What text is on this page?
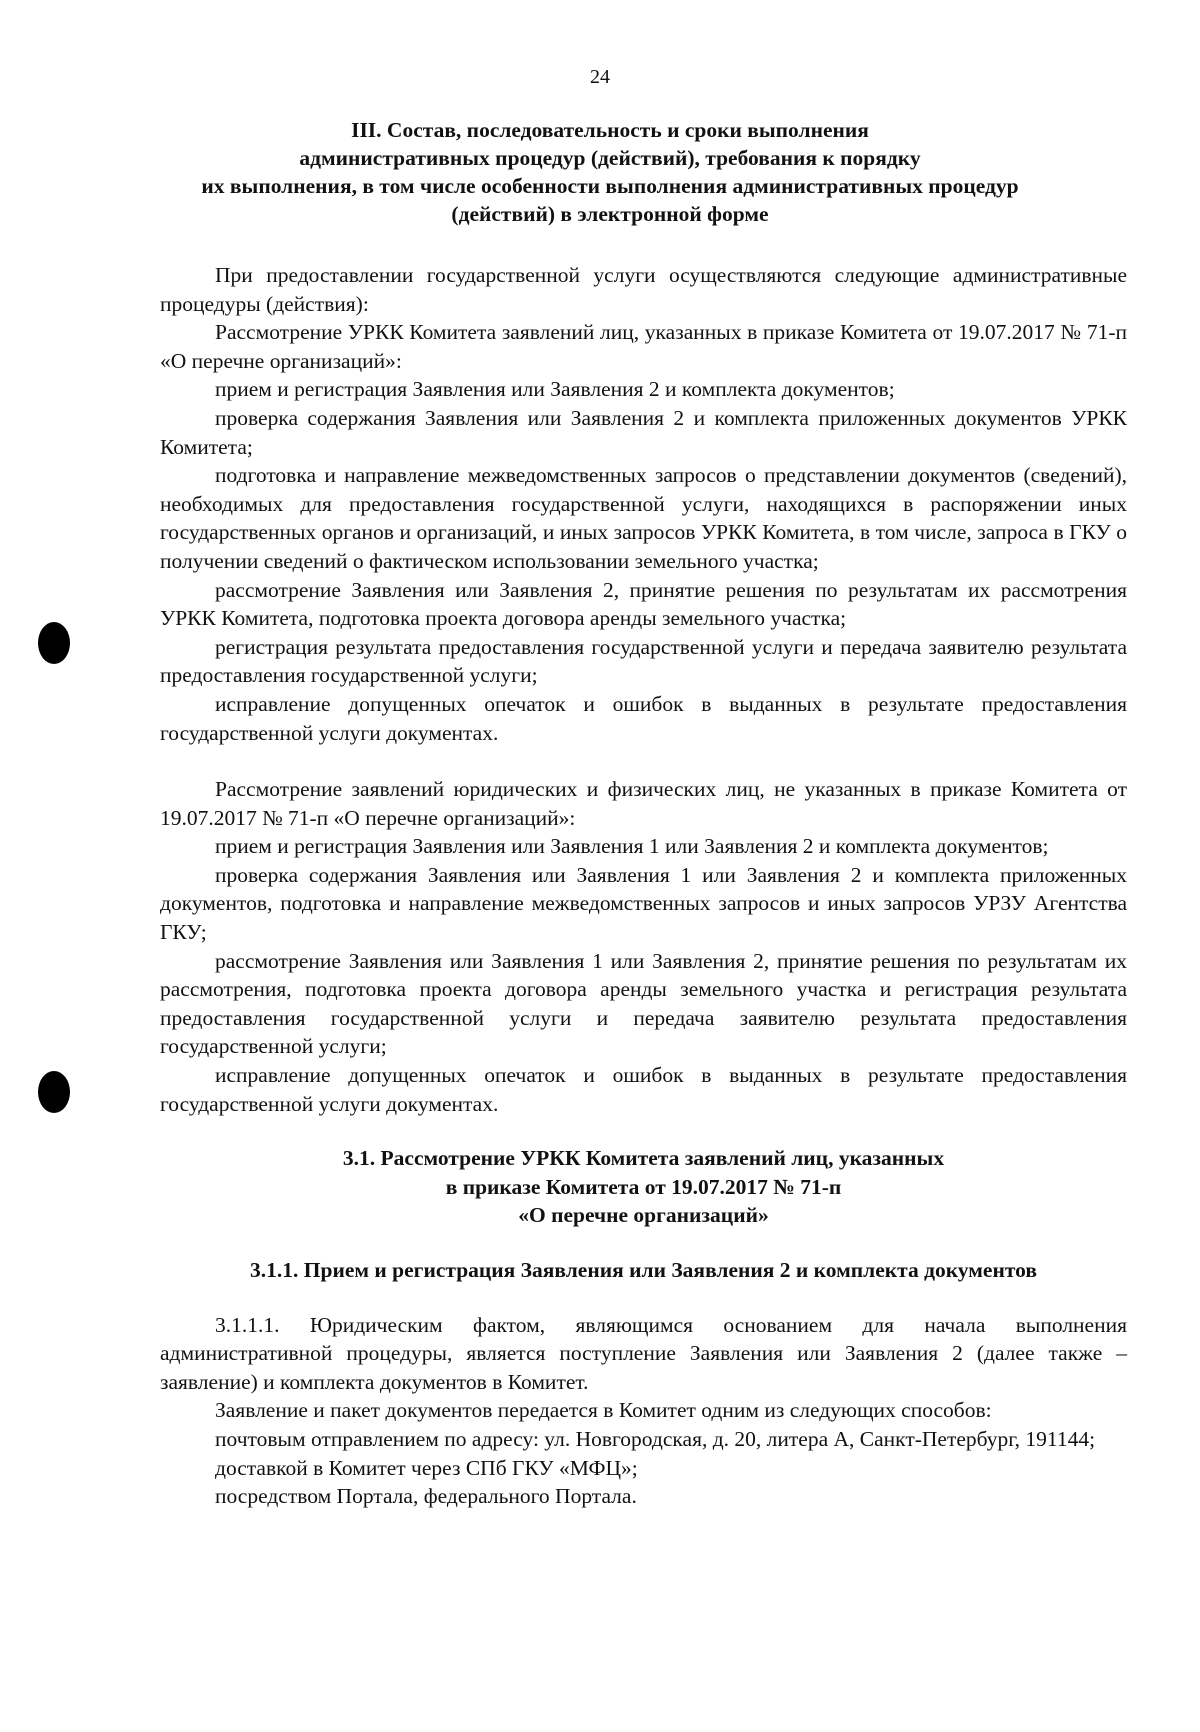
24
III. Состав, последовательность и сроки выполнения
административных процедур (действий), требования к порядку
их выполнения, в том числе особенности выполнения административных процедур
(действий) в электронной форме

При предоставлении государственной услуги осуществляются следующие административные процедуры (действия):

Рассмотрение УРКК Комитета заявлений лиц, указанных в приказе Комитета от 19.07.2017 № 71-п «О перечне организаций»:

прием и регистрация Заявления или Заявления 2 и комплекта документов;

проверка содержания Заявления или Заявления 2 и комплекта приложенных документов УРКК Комитета;

подготовка и направление межведомственных запросов о представлении документов (сведений), необходимых для предоставления государственной услуги, находящихся в распоряжении иных государственных органов и организаций, и иных запросов УРКК Комитета, в том числе, запроса в ГКУ о получении сведений о фактическом использовании земельного участка;

рассмотрение Заявления или Заявления 2, принятие решения по результатам их рассмотрения УРКК Комитета, подготовка проекта договора аренды земельного участка;

регистрация результата предоставления государственной услуги и передача заявителю результата предоставления государственной услуги;

исправление допущенных опечаток и ошибок в выданных в результате предоставления государственной услуги документах.

Рассмотрение заявлений юридических и физических лиц, не указанных в приказе Комитета от 19.07.2017 № 71-п «О перечне организаций»:

прием и регистрация Заявления или Заявления 1 или Заявления 2 и комплекта документов;

проверка содержания Заявления или Заявления 1 или Заявления 2 и комплекта приложенных документов, подготовка и направление межведомственных запросов и иных запросов УРЗУ Агентства ГКУ;

рассмотрение Заявления или Заявления 1 или Заявления 2, принятие решения по результатам их рассмотрения, подготовка проекта договора аренды земельного участка и регистрация результата предоставления государственной услуги и передача заявителю результата предоставления государственной услуги;

исправление допущенных опечаток и ошибок в выданных в результате предоставления государственной услуги документах.

3.1. Рассмотрение УРКК Комитета заявлений лиц, указанных
в приказе Комитета от 19.07.2017 № 71-п
«О перечне организаций»
3.1.1. Прием и регистрация Заявления или Заявления 2 и комплекта документов

3.1.1.1. Юридическим фактом, являющимся основанием для начала выполнения административной процедуры, является поступление Заявления или Заявления 2 (далее также – заявление) и комплекта документов в Комитет.

Заявление и пакет документов передается в Комитет одним из следующих способов:

почтовым отправлением по адресу: ул. Новгородская, д. 20, литера А, Санкт-Петербург, 191144;

доставкой в Комитет через СПб ГКУ «МФЦ»;

посредством Портала, федерального Портала.
